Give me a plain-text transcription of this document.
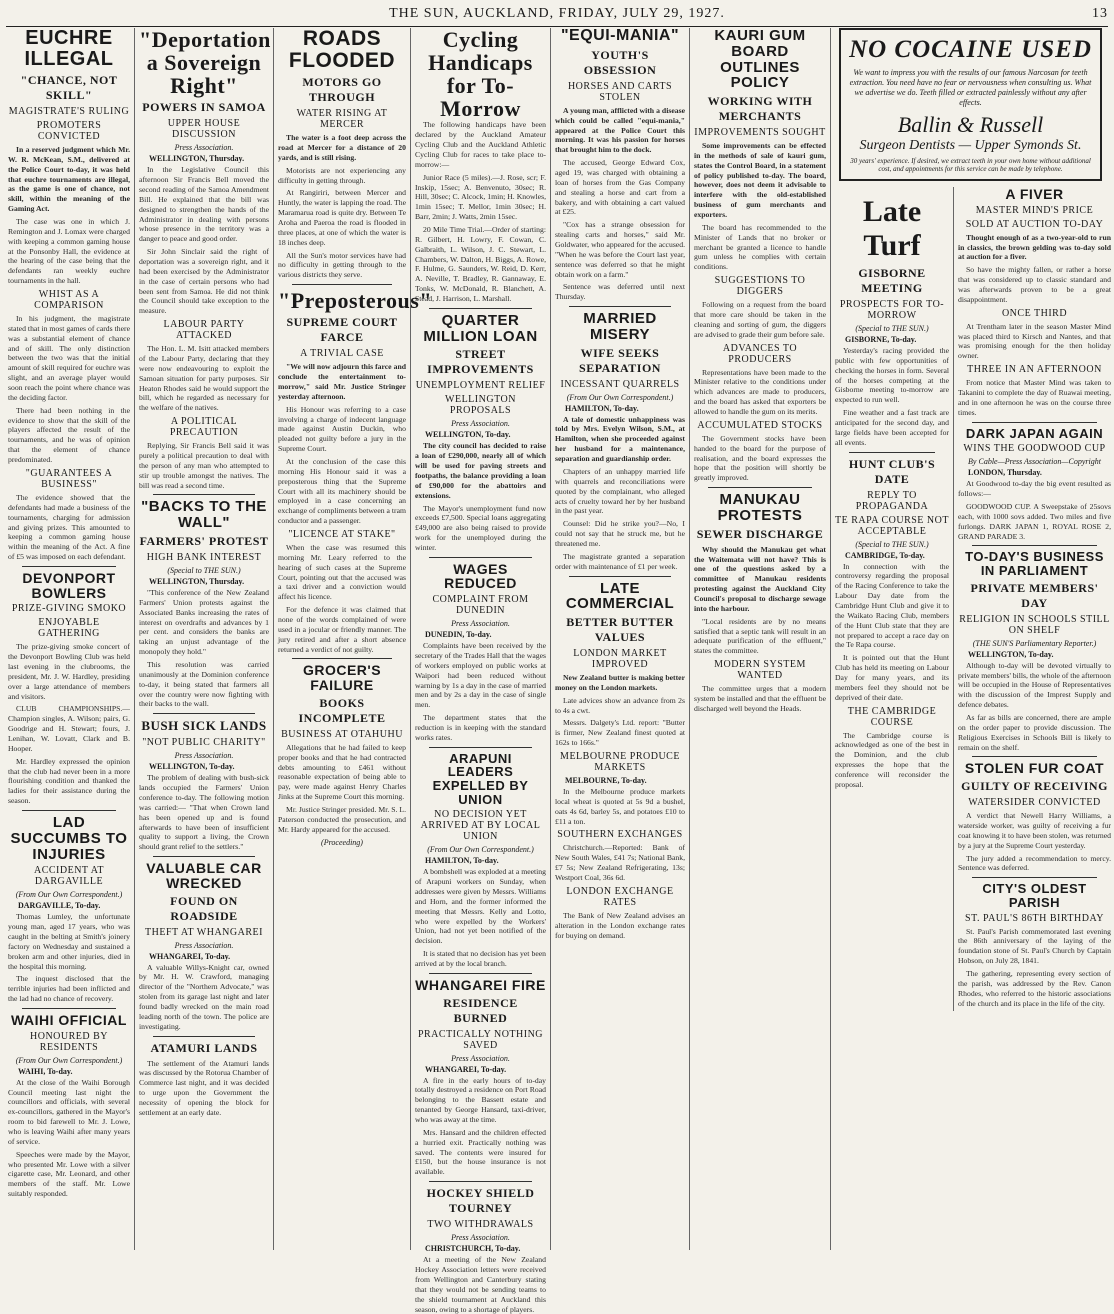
THE SUN, AUCKLAND, FRIDAY, JULY 29, 1927.	13
EUCHRE ILLEGAL
"CHANCE, NOT SKILL"
MAGISTRATE'S RULING
PROMOTERS CONVICTED

In a reserved judgment which Mr. W. R. McKean, S.M., delivered at the Police Court to-day, it was held that euchre tournaments are illegal, as the game is one of chance, not skill, within the meaning of the Gaming Act.

The case was one in which J. Remington and J. Lomax were charged with keeping a common gaming house at the Ponsonby Hall, the evidence at the hearing of the case being that the defendants ran weekly euchre tournaments in the hall.

WHIST AS A COMPARISON

In his judgment, the magistrate stated that in most games of cards there was a substantial element of chance and of skill. The only distinction between the two was that the initial amount of skill required for euchre was slight, and an average player would soon reach the point where chance was the deciding factor.

There had been nothing in the evidence to show that the skill of the players affected the result of the tournaments, and he was of opinion that the element of chance predominated.

"GUARANTEES A BUSINESS"

The evidence showed that the defendants had made a business of the tournaments, charging for admission and giving prizes. This amounted to keeping a common gaming house within the meaning of the Act. A fine of £5 was imposed on each defendant.

DEVONPORT BOWLERS
PRIZE-GIVING SMOKO
ENJOYABLE GATHERING

The prize-giving smoke concert of the Devonport Bowling Club was held last evening in the clubrooms, the president, Mr. J. W. Hardley, presiding over a large attendance of members and visitors.

CLUB CHAMPIONSHIPS.—Champion singles, A. Wilson; pairs, G. Goodrige and H. Stewart; fours, J. Lenihan, W. Lovatt, Clark and B. Hooper.

Mr. Hardley expressed the opinion that the club had never been in a more flourishing condition and thanked the ladies for their assistance during the season.

LAD SUCCUMBS TO INJURIES
ACCIDENT AT DARGAVILLE
(From Our Own Correspondent.)
DARGAVILLE, To-day.

Thomas Lumley, the unfortunate young man, aged 17 years, who was caught in the belting at Smith's joinery factory on Wednesday and sustained a broken arm and other injuries, died in the hospital this morning.

The inquest disclosed that the terrible injuries had been inflicted and the lad had no chance of recovery.

WAIHI OFFICIAL
HONOURED BY RESIDENTS
(From Our Own Correspondent.)
WAIHI, To-day.

At the close of the Waihi Borough Council meeting last night the councillors and officials, with several ex-councillors, gathered in the Mayor's room to bid farewell to Mr. J. Lowe, who is leaving Waihi after many years of service.

Speeches were made by the Mayor, who presented Mr. Lowe with a silver cigarette case, Mr. Leonard, and other members of the staff. Mr. Lowe suitably responded.

"Deportation a Sovereign Right"
POWERS IN SAMOA
UPPER HOUSE DISCUSSION
Press Association.
WELLINGTON, Thursday.

In the Legislative Council this afternoon Sir Francis Bell moved the second reading of the Samoa Amendment Bill. He explained that the bill was designed to strengthen the hands of the Administrator in dealing with persons whose presence in the territory was a danger to peace and good order.

Sir John Sinclair said the right of deportation was a sovereign right, and it had been exercised by the Administrator in the case of certain persons who had been sent from Samoa. He did not think the Council should take exception to the measure.

LABOUR PARTY ATTACKED

The Hon. L. M. Isitt attacked members of the Labour Party, declaring that they were now endeavouring to exploit the Samoan situation for party purposes. Sir Heaton Rhodes said he would support the bill, which he regarded as necessary for the welfare of the natives.

A POLITICAL PRECAUTION

Replying, Sir Francis Bell said it was purely a political precaution to deal with the person of any man who attempted to stir up trouble amongst the natives. The bill was read a second time.

"BACKS TO THE WALL"
FARMERS' PROTEST
HIGH BANK INTEREST
(Special to THE SUN.)
WELLINGTON, Thursday.

"This conference of the New Zealand Farmers' Union protests against the Associated Banks increasing the rates of interest on overdrafts and advances by 1 per cent. and considers the banks are taking an unjust advantage of the monopoly they hold."

This resolution was carried unanimously at the Dominion conference to-day, it being stated that farmers all over the country were now fighting with their backs to the wall.

BUSH SICK LANDS
"NOT PUBLIC CHARITY"
Press Association.
WELLINGTON, To-day.

The problem of dealing with bush-sick lands occupied the Farmers' Union conference to-day. The following motion was carried:— "That when Crown land has been opened up and is found afterwards to have been of insufficient quality to support a living, the Crown should grant relief to the settlers."

VALUABLE CAR WRECKED
FOUND ON ROADSIDE
THEFT AT WHANGAREI
Press Association.
WHANGAREI, To-day.

A valuable Willys-Knight car, owned by Mr. H. W. Crawford, managing director of the "Northern Advocate," was stolen from its garage last night and later found badly wrecked on the main road leading north of the town. The police are investigating.

ATAMURI LANDS

The settlement of the Atamuri lands was discussed by the Rotorua Chamber of Commerce last night, and it was decided to urge upon the Government the necessity of opening the block for settlement at an early date.

ROADS FLOODED
MOTORS GO THROUGH
WATER RISING AT MERCER

The water is a foot deep across the road at Mercer for a distance of 20 yards, and is still rising.

Motorists are not experiencing any difficulty in getting through.

At Rangiriri, between Mercer and Huntly, the water is lapping the road. The Maramarua road is quite dry. Between Te Aroha and Paeroa the road is flooded in three places, at one of which the water is 18 inches deep.

All the Sun's motor services have had no difficulty in getting through to the various districts they serve.

"Preposterous"
SUPREME COURT FARCE
A TRIVIAL CASE

"We will now adjourn this farce and conclude the entertainment to-morrow," said Mr. Justice Stringer yesterday afternoon.

His Honour was referring to a case involving a charge of indecent language made against Austin Duckin, who pleaded not guilty before a jury in the Supreme Court.

At the conclusion of the case this morning His Honour said it was a preposterous thing that the Supreme Court with all its machinery should be employed in a case concerning an exchange of compliments between a tram conductor and a passenger.

"LICENCE AT STAKE"

When the case was resumed this morning Mr. Leary referred to the hearing of such cases at the Supreme Court, pointing out that the accused was a taxi driver and a conviction would affect his licence.

For the defence it was claimed that none of the words complained of were used in a jocular or friendly manner. The jury retired and after a short absence returned a verdict of not guilty.

GROCER'S FAILURE
BOOKS INCOMPLETE
BUSINESS AT OTAHUHU

Allegations that he had failed to keep proper books and that he had contracted debts amounting to £461 without reasonable expectation of being able to pay, were made against Henry Charles Jinks at the Supreme Court this morning.

Mr. Justice Stringer presided. Mr. S. L. Paterson conducted the prosecution, and Mr. Hardy appeared for the accused.

(Proceeding)
Cycling Handicaps for To-Morrow

The following handicaps have been declared by the Auckland Amateur Cycling Club and the Auckland Athletic Cycling Club for races to take place to-morrow:—

Junior Race (5 miles).—J. Rose, scr; F. Inskip, 15sec; A. Benvenuto, 30sec; R. Hill, 30sec; C. Alcock, 1min; H. Knowles, 1min 15sec; T. Mellor, 1min 30sec; H. Barr, 2min; J. Watts, 2min 15sec.

20 Mile Time Trial.—Order of starting: R. Gilbert, H. Lowry, F. Cowan, C. Galbraith, L. Wilson, J. C. Stewart, L. Chambers, W. Dalton, H. Biggs, A. Rowe, F. Hulme, G. Saunders, W. Reid, D. Kerr, A. Neville, T. Bradley, R. Gannaway, E. Tonks, W. McDonald, R. Blanchett, A. Stead, J. Harrison, L. Marshall.

QUARTER MILLION LOAN
STREET IMPROVEMENTS
UNEMPLOYMENT RELIEF
WELLINGTON PROPOSALS
Press Association.
WELLINGTON, To-day.

The city council has decided to raise a loan of £290,000, nearly all of which will be used for paving streets and footpaths, the balance providing a loan of £90,000 for the abattoirs and extensions.

The Mayor's unemployment fund now exceeds £7,500. Special loans aggregating £49,000 are also being raised to provide work for the unemployed during the winter.

WAGES REDUCED
COMPLAINT FROM DUNEDIN
Press Association.
DUNEDIN, To-day.

Complaints have been received by the secretary of the Trades Hall that the wages of workers employed on public works at Waipori had been reduced without warning by 1s a day in the case of married men and by 2s a day in the case of single men.

The department states that the reduction is in keeping with the standard works rates.

ARAPUNI LEADERS EXPELLED BY UNION
NO DECISION YET ARRIVED AT BY LOCAL UNION
(From Our Own Correspondent.)
HAMILTON, To-day.

A bombshell was exploded at a meeting of Arapuni workers on Sunday, when addresses were given by Messrs. Williams and Horn, and the former informed the meeting that Messrs. Kelly and Lotto, who were expelled by the Workers' Union, had not yet been notified of the decision.

It is stated that no decision has yet been arrived at by the local branch.

WHANGAREI FIRE
RESIDENCE BURNED
PRACTICALLY NOTHING SAVED
Press Association.
WHANGAREI, To-day.

A fire in the early hours of to-day totally destroyed a residence on Port Road belonging to the Bassett estate and tenanted by George Hansard, taxi-driver, who was away at the time.

Mrs. Hansard and the children effected a hurried exit. Practically nothing was saved. The contents were insured for £150, but the house insurance is not available.

HOCKEY SHIELD TOURNEY
TWO WITHDRAWALS
Press Association.
CHRISTCHURCH, To-day.

At a meeting of the New Zealand Hockey Association letters were received from Wellington and Canterbury stating that they would not be sending teams to the shield tournament at Auckland this season, owing to a shortage of players.

"EQUI-MANIA"
YOUTH'S OBSESSION
HORSES AND CARTS STOLEN

A young man, afflicted with a disease which could be called "equi-mania," appeared at the Police Court this morning. It was his passion for horses that brought him to the dock.

The accused, George Edward Cox, aged 19, was charged with obtaining a loan of horses from the Gas Company and stealing a horse and cart from a bakery, and with obtaining a cart valued at £25.

"Cox has a strange obsession for stealing carts and horses," said Mr. Goldwater, who appeared for the accused. "When he was before the Court last year, sentence was deferred so that he might obtain work on a farm."

Sentence was deferred until next Thursday.

MARRIED MISERY
WIFE SEEKS SEPARATION
INCESSANT QUARRELS
(From Our Own Correspondent.)
HAMILTON, To-day.

A tale of domestic unhappiness was told by Mrs. Evelyn Wilson, S.M., at Hamilton, when she proceeded against her husband for a maintenance, separation and guardianship order.

Chapters of an unhappy married life with quarrels and reconciliations were quoted by the complainant, who alleged acts of cruelty toward her by her husband in the past year.

Counsel: Did he strike you?—No, I could not say that he struck me, but he threatened me.

The magistrate granted a separation order with maintenance of £1 per week.

LATE COMMERCIAL
BETTER BUTTER VALUES
LONDON MARKET IMPROVED

New Zealand butter is making better money on the London markets.

Late advices show an advance from 2s to 4s a cwt.

Messrs. Dalgety's Ltd. report: "Butter is firmer, New Zealand finest quoted at 162s to 166s."

MELBOURNE PRODUCE MARKETS
MELBOURNE, To-day.

In the Melbourne produce markets local wheat is quoted at 5s 9d a bushel, oats 4s 6d, barley 5s, and potatoes £10 to £11 a ton.

SOUTHERN EXCHANGES

Christchurch.—Reported: Bank of New South Wales, £41 7s; National Bank, £7 5s; New Zealand Refrigerating, 13s; Westport Coal, 36s 6d.

LONDON EXCHANGE RATES

The Bank of New Zealand advises an alteration in the London exchange rates for buying on demand.

KAURI GUM BOARD OUTLINES POLICY
WORKING WITH MERCHANTS
IMPROVEMENTS SOUGHT

Some improvements can be effected in the methods of sale of kauri gum, states the Control Board, in a statement of policy published to-day. The board, however, does not deem it advisable to interfere with the old-established business of gum merchants and exporters.

The board has recommended to the Minister of Lands that no broker or merchant be granted a licence to handle gum unless he complies with certain conditions.

SUGGESTIONS TO DIGGERS

Following on a request from the board that more care should be taken in the cleaning and sorting of gum, the diggers are advised to grade their gum before sale.

ADVANCES TO PRODUCERS

Representations have been made to the Minister relative to the conditions under which advances are made to producers, and the board has asked that exporters be allowed to handle the gum on its merits.

ACCUMULATED STOCKS

The Government stocks have been handed to the board for the purpose of realisation, and the board expresses the hope that the position will shortly be greatly improved.

MANUKAU PROTESTS
SEWER DISCHARGE

Why should the Manukau get what the Waitemata will not have? This is one of the questions asked by a committee of Manukau residents protesting against the Auckland City Council's proposal to discharge sewage into the harbour.

"Local residents are by no means satisfied that a septic tank will result in an adequate purification of the effluent," states the committee.

MODERN SYSTEM WANTED

The committee urges that a modern system be installed and that the effluent be discharged well beyond the Heads.

NO COCAINE USED
We want to impress you with the results of our famous Narcosan for teeth extraction. You need have no fear or nervousness when consulting us. What we advertise we do. Teeth filled or extracted painlessly without any after effects.
Ballin & Russell
Surgeon Dentists — Upper Symonds St.
30 years' experience. If desired, we extract teeth in your own home without additional cost, and appointments for this service can be made by telephone.
Late Turf
GISBORNE MEETING
PROSPECTS FOR TO-MORROW
(Special to THE SUN.)
GISBORNE, To-day.

Yesterday's racing provided the public with few opportunities of checking the horses in form. Several of the horses competing at the Gisborne meeting to-morrow are expected to run well.

Fine weather and a fast track are anticipated for the second day, and large fields have been accepted for all events.

HUNT CLUB'S DATE
REPLY TO PROPAGANDA
TE RAPA COURSE NOT ACCEPTABLE
(Special to THE SUN.)
CAMBRIDGE, To-day.

In connection with the controversy regarding the proposal of the Racing Conference to take the Labour Day date from the Cambridge Hunt Club and give it to the Waikato Racing Club, members of the Hunt Club state that they are not prepared to accept a race day on the Te Rapa course.

It is pointed out that the Hunt Club has held its meeting on Labour Day for many years, and its members feel they should not be deprived of their date.

THE CAMBRIDGE COURSE

The Cambridge course is acknowledged as one of the best in the Dominion, and the club expresses the hope that the conference will reconsider the proposal.

A FIVER
MASTER MIND'S PRICE
SOLD AT AUCTION TO-DAY

Thought enough of as a two-year-old to run in classics, the brown gelding was to-day sold at auction for a fiver.

So have the mighty fallen, or rather a horse that was considered up to classic standard and was afterwards proven to be a great disappointment.

ONCE THIRD

At Trentham later in the season Master Mind was placed third to Kirsch and Nantes, and that was promising enough for the then holiday owner.

THREE IN AN AFTERNOON

From notice that Master Mind was taken to Takanini to complete the day of Ruawai meeting, and in one afternoon he was on the course three times.

DARK JAPAN AGAIN
WINS THE GOODWOOD CUP
By Cable—Press Association—Copyright
LONDON, Thursday.

At Goodwood to-day the big event resulted as follows:—

GOODWOOD CUP. A Sweepstake of 25sovs each, with 1000 sovs added. Two miles and five furlongs. DARK JAPAN 1, ROYAL ROSE 2, GRAND PARADE 3.

TO-DAY'S BUSINESS IN PARLIAMENT
PRIVATE MEMBERS' DAY
RELIGION IN SCHOOLS STILL ON SHELF
(THE SUN'S Parliamentary Reporter.)
WELLINGTON, To-day.

Although to-day will be devoted virtually to private members' bills, the whole of the afternoon will be occupied in the House of Representatives with the discussion of the Imprest Supply and defence debates.

As far as bills are concerned, there are ample on the order paper to provide discussion. The Religious Exercises in Schools Bill is likely to remain on the shelf.

STOLEN FUR COAT
GUILTY OF RECEIVING
WATERSIDER CONVICTED

A verdict that Newell Harry Williams, a waterside worker, was guilty of receiving a fur coat knowing it to have been stolen, was returned by a jury at the Supreme Court yesterday.

The jury added a recommendation to mercy. Sentence was deferred.

CITY'S OLDEST PARISH
ST. PAUL'S 86TH BIRTHDAY

St. Paul's Parish commemorated last evening the 86th anniversary of the laying of the foundation stone of St. Paul's Church by Captain Hobson, on July 28, 1841.

The gathering, representing every section of the parish, was addressed by the Rev. Canon Rhodes, who referred to the historic associations of the church and its place in the life of the city.
